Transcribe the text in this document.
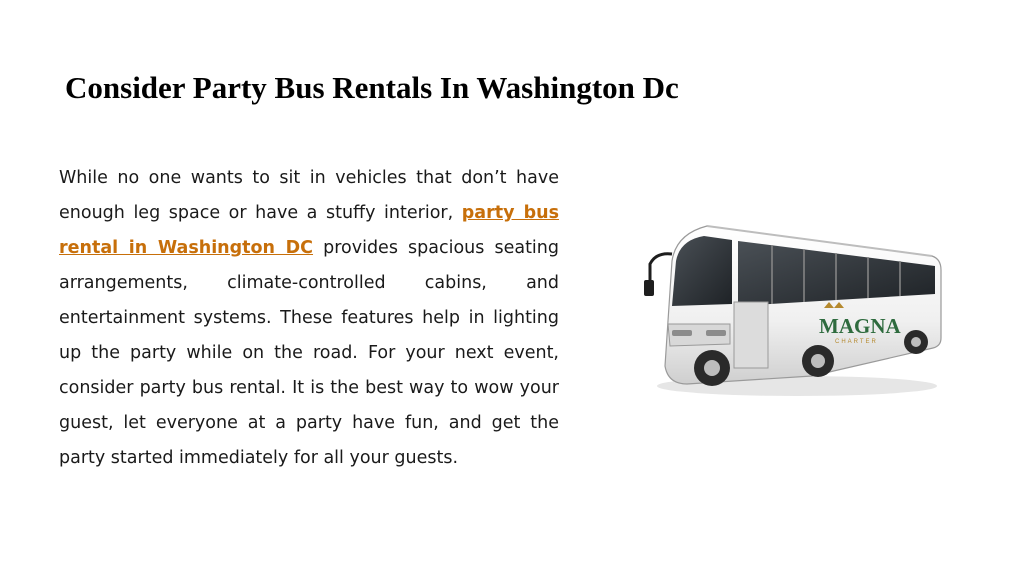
Consider Party Bus Rentals In Washington Dc

While no one wants to sit in vehicles that don’t have enough leg space or have a stuffy interior, party bus rental in Washington DC provides spacious seating arrangements, climate-controlled cabins, and entertainment systems. These features help in lighting up the party while on the road. For your next event, consider party bus rental. It is the best way to wow your guest, let everyone at a party have fun, and get the party started immediately for all your guests.

MAGNA
CHARTER
